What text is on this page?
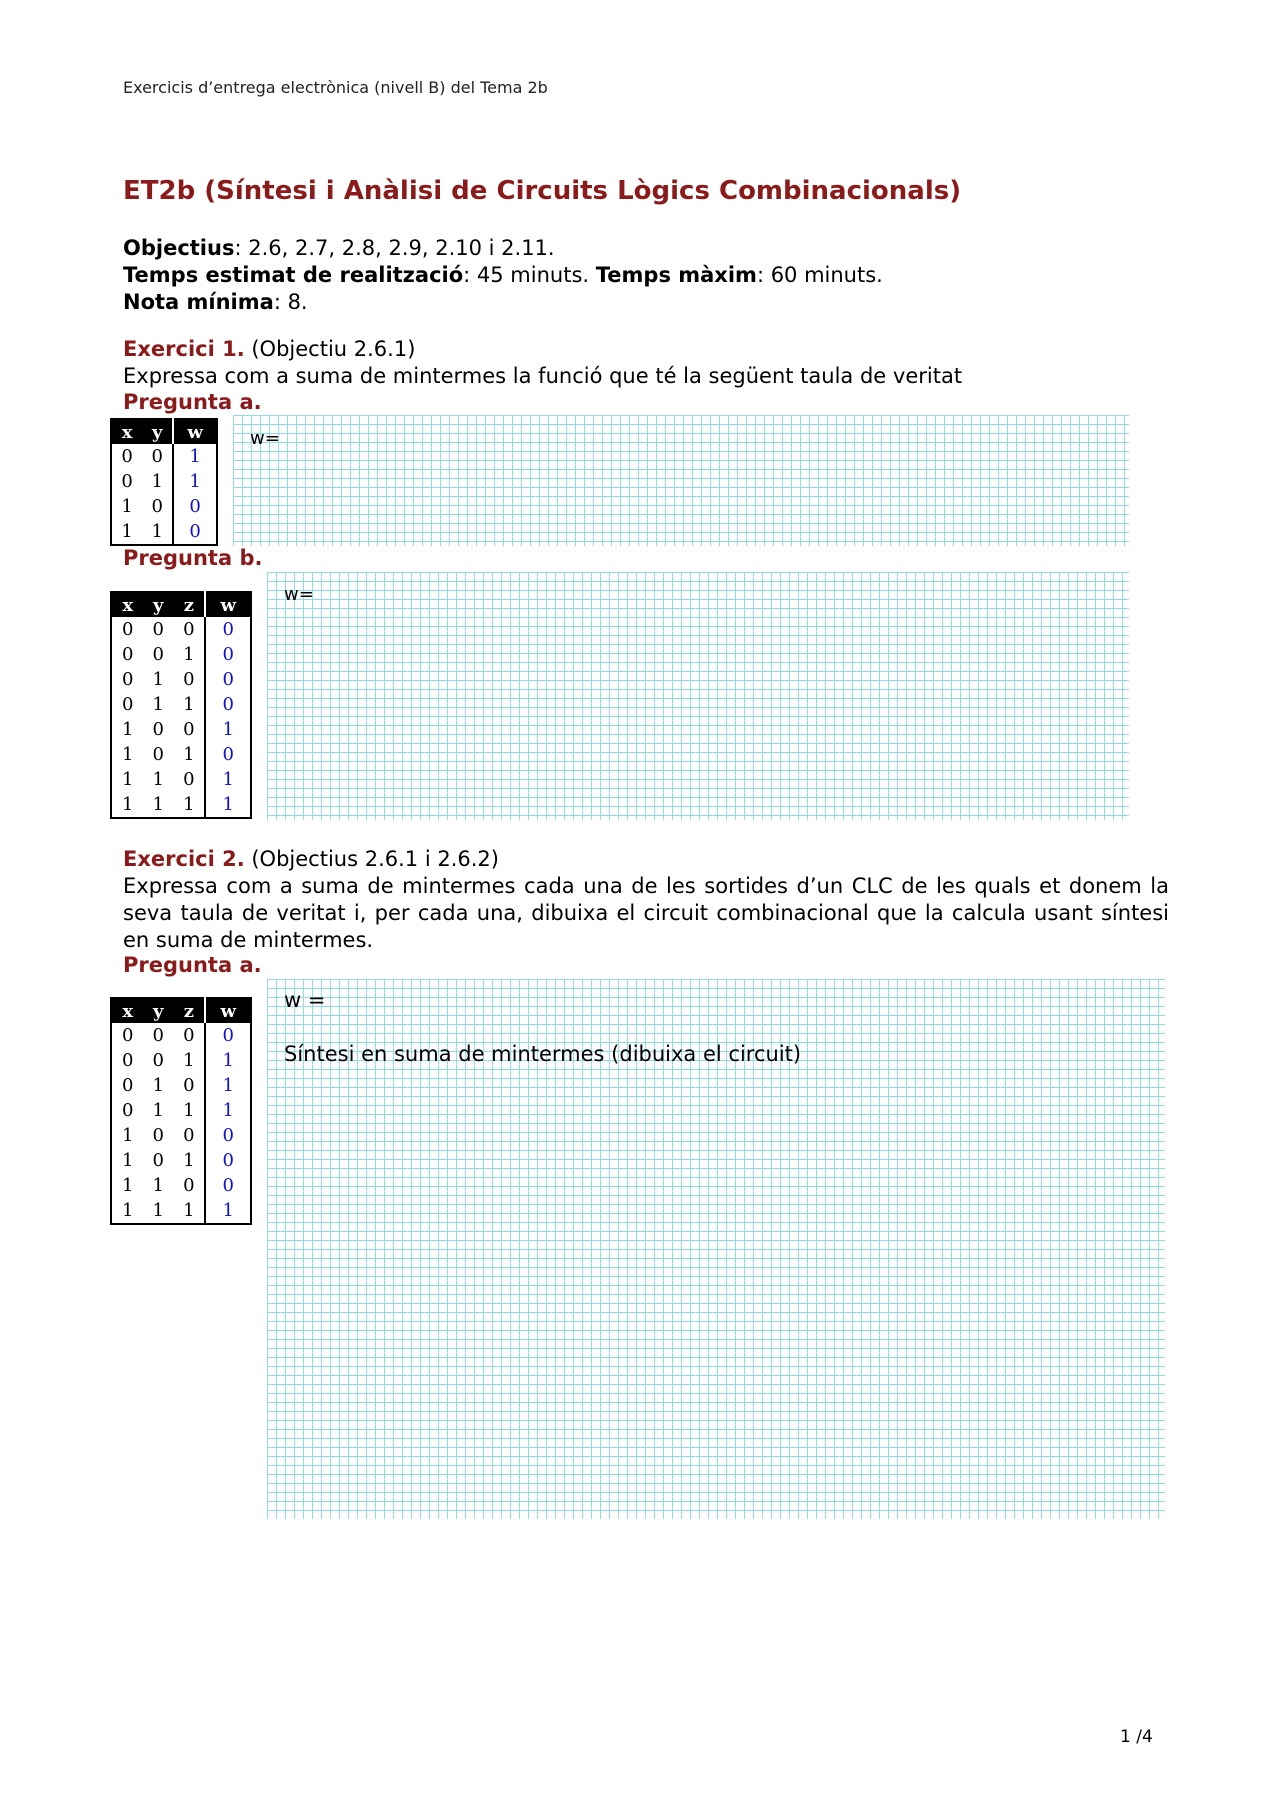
Exercicis d’entrega electrònica (nivell B) del Tema 2b
ET2b (Síntesi i Anàlisi de Circuits Lògics Combinacionals)
Objectius: 2.6, 2.7, 2.8, 2.9, 2.10 i 2.11.
Temps estimat de realització: 45 minuts. Temps màxim: 60 minuts.
Nota mínima: 8.
Exercici 1. (Objectiu 2.6.1)
Expressa com a suma de mintermes la funció que té la següent taula de veritat
Pregunta a.
w=
x	y	w
0	0	1
0	1	1
1	0	0
1	1	0
Pregunta b.
w=
x	y	z	w
0	0	0	0
0	0	1	0
0	1	0	0
0	1	1	0
1	0	0	1
1	0	1	0
1	1	0	1
1	1	1	1
Exercici 2. (Objectius 2.6.1 i 2.6.2)
Expressa com a suma de mintermes cada una de les sortides d’un CLC de les quals et donem la seva taula de veritat i, per cada una, dibuixa el circuit combinacional que la calcula usant síntesi en suma de mintermes.
Pregunta a.
w =
Síntesi en suma de mintermes (dibuixa el circuit)
x	y	z	w
0	0	0	0
0	0	1	1
0	1	0	1
0	1	1	1
1	0	0	0
1	0	1	0
1	1	0	0
1	1	1	1
1 /4
